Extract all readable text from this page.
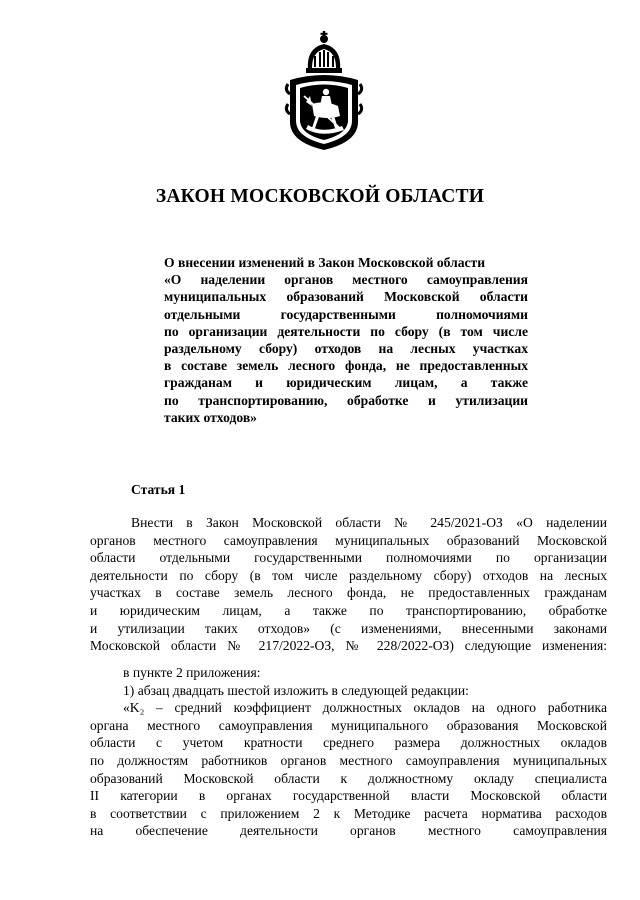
ЗАКОН МОСКОВСКОЙ ОБЛАСТИ
О внесении изменений в Закон Московской области
«О наделении органов местного самоуправления
муниципальных образований Московской области
отдельными государственными полномочиями
по организации деятельности по сбору (в том числе
раздельному сбору) отходов на лесных участках
в составе земель лесного фонда, не предоставленных
гражданам и юридическим лицам, а также
по транспортированию, обработке и утилизации
таких отходов»
Статья 1
Внести в Закон Московской области № 245/2021-ОЗ «О наделении
органов местного самоуправления муниципальных образований Московской
области отдельными государственными полномочиями по организации
деятельности по сбору (в том числе раздельному сбору) отходов на лесных
участках в составе земель лесного фонда, не предоставленных гражданам
и юридическим лицам, а также по транспортированию, обработке
и утилизации таких отходов» (с изменениями, внесенными законами
Московской области № 217/2022-ОЗ, № 228/2022-ОЗ) следующие изменения:
в пункте 2 приложения:
1) абзац двадцать шестой изложить в следующей редакции:
«K₂ – средний коэффициент должностных окладов на одного работника
органа местного самоуправления муниципального образования Московской
области с учетом кратности среднего размера должностных окладов
по должностям работников органов местного самоуправления муниципальных
образований Московской области к должностному окладу специалиста
II категории в органах государственной власти Московской области
в соответствии с приложением 2 к Методике расчета норматива расходов
на обеспечение деятельности органов местного самоуправления
